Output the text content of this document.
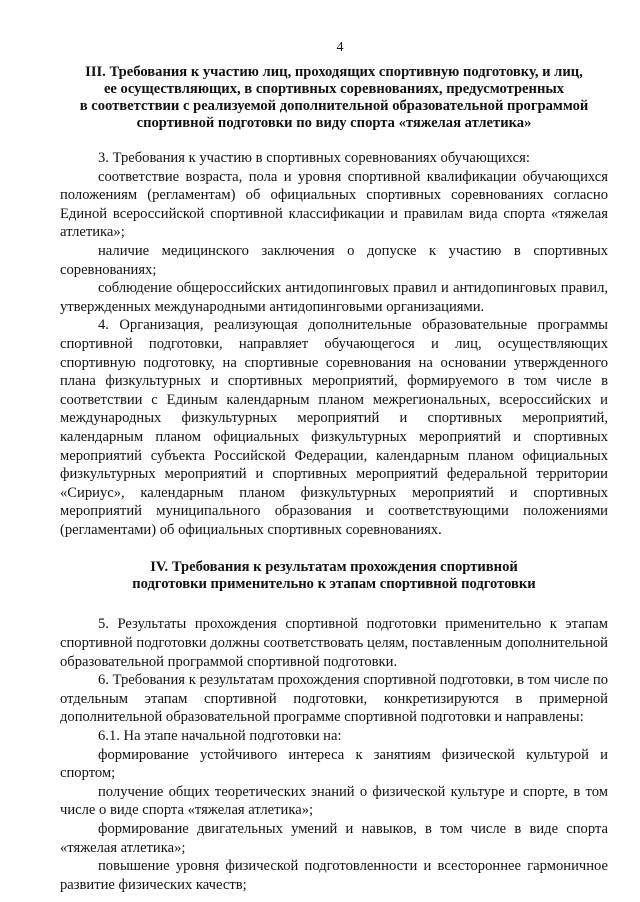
4
III. Требования к участию лиц, проходящих спортивную подготовку, и лиц,
ее осуществляющих, в спортивных соревнованиях, предусмотренных
в соответствии с реализуемой дополнительной образовательной программой
спортивной подготовки по виду спорта «тяжелая атлетика»

3. Требования к участию в спортивных соревнованиях обучающихся:

соответствие возраста, пола и уровня спортивной квалификации обучающихся положениям (регламентам) об официальных спортивных соревнованиях согласно Единой всероссийской спортивной классификации и правилам вида спорта «тяжелая атлетика»;

наличие медицинского заключения о допуске к участию в спортивных соревнованиях;

соблюдение общероссийских антидопинговых правил и антидопинговых правил, утвержденных международными антидопинговыми организациями.

4. Организация, реализующая дополнительные образовательные программы спортивной подготовки, направляет обучающегося и лиц, осуществляющих спортивную подготовку, на спортивные соревнования на основании утвержденного плана физкультурных и спортивных мероприятий, формируемого в том числе в соответствии с Единым календарным планом межрегиональных, всероссийских и международных физкультурных мероприятий и спортивных мероприятий, календарным планом официальных физкультурных мероприятий и спортивных мероприятий субъекта Российской Федерации, календарным планом официальных физкультурных мероприятий и спортивных мероприятий федеральной территории «Сириус», календарным планом физкультурных мероприятий и спортивных мероприятий муниципального образования и соответствующими положениями (регламентами) об официальных спортивных соревнованиях.

IV. Требования к результатам прохождения спортивной
подготовки применительно к этапам спортивной подготовки

5. Результаты прохождения спортивной подготовки применительно к этапам спортивной подготовки должны соответствовать целям, поставленным дополнительной образовательной программой спортивной подготовки.

6. Требования к результатам прохождения спортивной подготовки, в том числе по отдельным этапам спортивной подготовки, конкретизируются в примерной дополнительной образовательной программе спортивной подготовки и направлены:

6.1. На этапе начальной подготовки на:

формирование устойчивого интереса к занятиям физической культурой и спортом;

получение общих теоретических знаний о физической культуре и спорте, в том числе о виде спорта «тяжелая атлетика»;

формирование двигательных умений и навыков, в том числе в виде спорта «тяжелая атлетика»;

повышение уровня физической подготовленности и всестороннее гармоничное развитие физических качеств;
